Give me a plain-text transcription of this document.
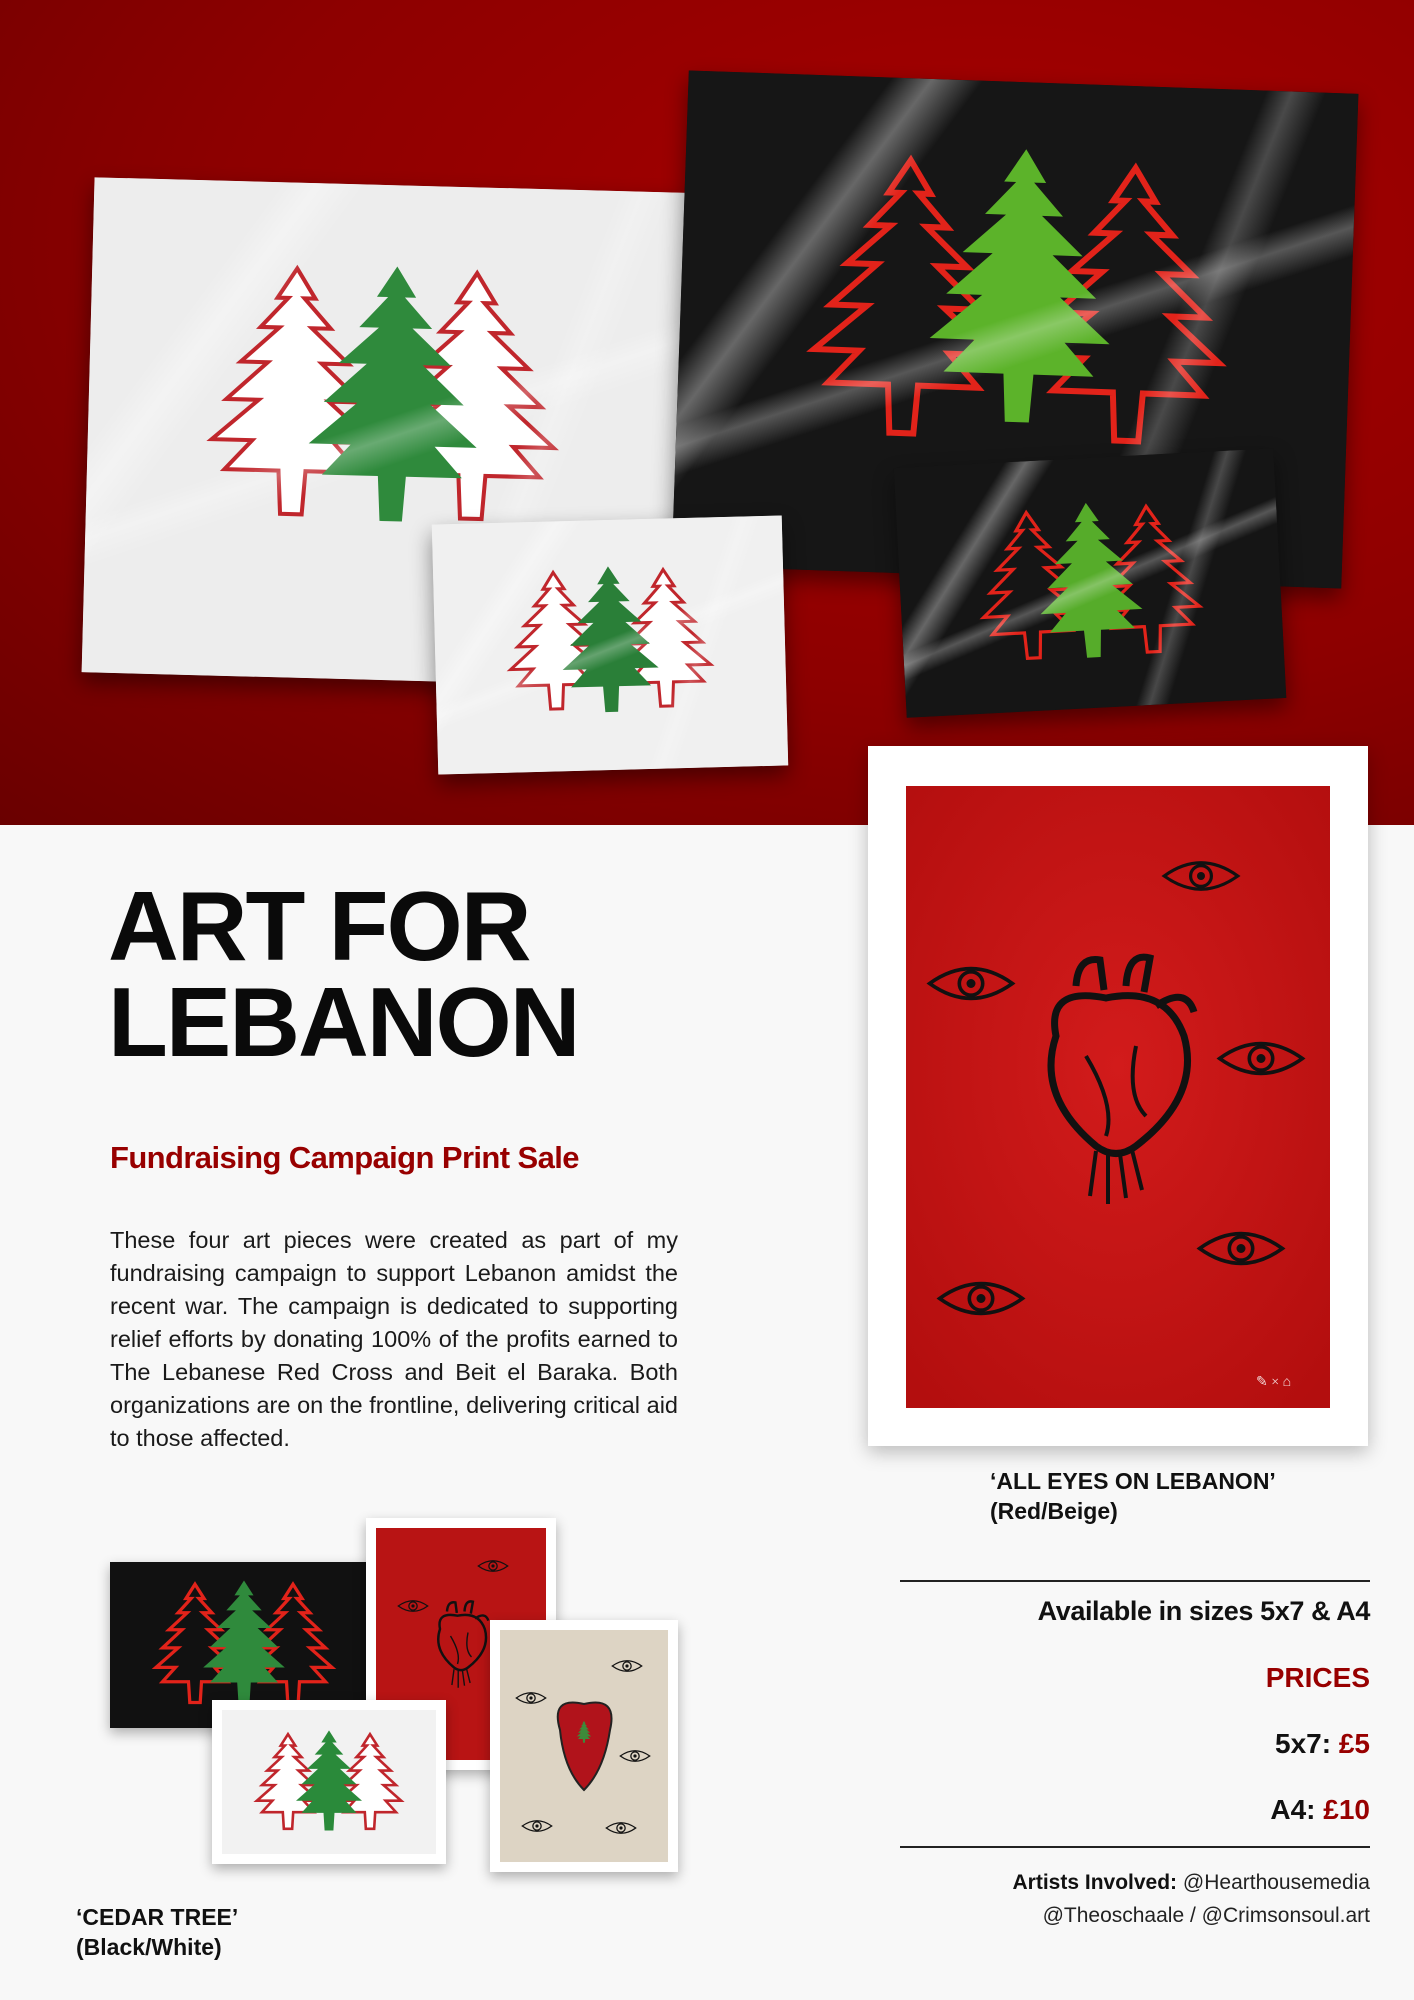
ART FOR
LEBANON
Fundraising Campaign Print Sale

These four art pieces were created as part of my fundraising campaign to support Lebanon amidst the recent war. The campaign is dedicated to supporting relief efforts by donating 100% of the profits earned to The Lebanese Red Cross and Beit el Baraka. Both organizations are on the frontline, delivering critical aid to those affected.

✎ × ⌂
‘ALL EYES ON LEBANON’
(Red/Beige)
Available in sizes 5x7 & A4
PRICES
5x7: £5
A4: £10
Artists Involved: @Hearthousemedia
@Theoschaale / @Crimsonsoul.art
‘CEDAR TREE’
(Black/White)
